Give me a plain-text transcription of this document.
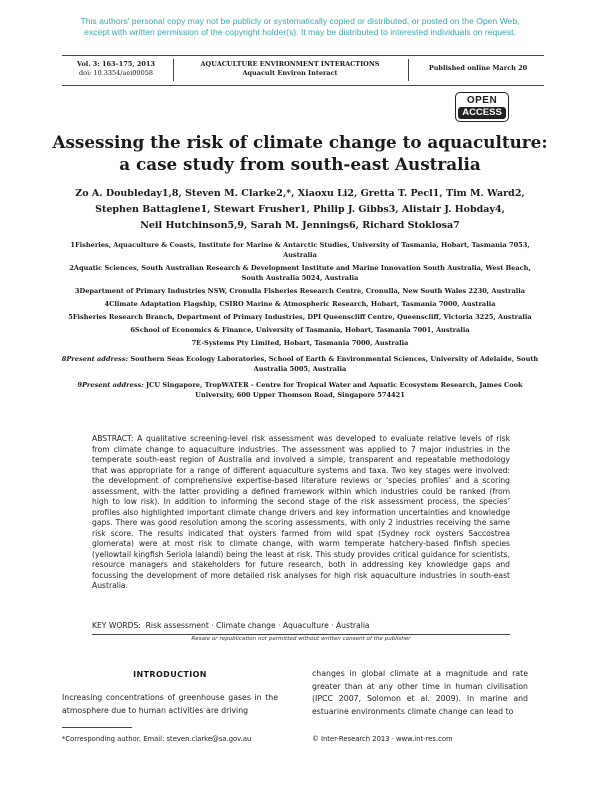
This authors' personal copy may not be publicly or systematically copied or distributed, or posted on the Open Web,
except with written permission of the copyright holder(s). It may be distributed to interested individuals on request.
Vol. 3: 163–175, 2013
doi: 10.3354/aei00058
AQUACULTURE ENVIRONMENT INTERACTIONS
Aquacult Environ Interact
Published online March 20
OPEN
ACCESS
Assessing the risk of climate change to aquaculture:
a case study from south-east Australia
Zo A. Doubleday1,8, Steven M. Clarke2,*, Xiaoxu Li2, Gretta T. Pecl1, Tim M. Ward2,
Stephen Battaglene1, Stewart Frusher1, Philip J. Gibbs3, Alistair J. Hobday4,
Neil Hutchinson5,9, Sarah M. Jennings6, Richard Stoklosa7

1Fisheries, Aquaculture & Coasts, Institute for Marine & Antarctic Studies, University of Tasmania, Hobart, Tasmania 7053, Australia

2Aquatic Sciences, South Australian Research & Development Institute and Marine Innovation South Australia, West Beach, South Australia 5024, Australia

3Department of Primary Industries NSW, Cronulla Fisheries Research Centre, Cronulla, New South Wales 2230, Australia

4Climate Adaptation Flagship, CSIRO Marine & Atmospheric Research, Hobart, Tasmania 7000, Australia

5Fisheries Research Branch, Department of Primary Industries, DPI Queenscliff Centre, Queenscliff, Victoria 3225, Australia

6School of Economics & Finance, University of Tasmania, Hobart, Tasmania 7001, Australia

7E-Systems Pty Limited, Hobart, Tasmania 7000, Australia

8Present address: Southern Seas Ecology Laboratories, School of Earth & Environmental Sciences, University of Adelaide, South Australia 5005, Australia

9Present address: JCU Singapore, TropWATER - Centre for Tropical Water and Aquatic Ecosystem Research, James Cook University, 600 Upper Thomson Road, Singapore 574421

ABSTRACT: A qualitative screening-level risk assessment was developed to evaluate relative levels of risk from climate change to aquaculture industries. The assessment was applied to 7 major industries in the temperate south-east region of Australia and involved a simple, transparent and repeatable methodology that was appropriate for a range of different aquaculture systems and taxa. Two key stages were involved: the development of comprehensive expertise-based literature reviews or ‘species profiles’ and a scoring assessment, with the latter providing a defined framework within which industries could be ranked (from high to low risk). In addition to informing the second stage of the risk assessment process, the species’ profiles also highlighted important climate change drivers and key information uncertainties and knowledge gaps. There was good resolution among the scoring assessments, with only 2 industries receiving the same risk score. The results indicated that oysters farmed from wild spat (Sydney rock oysters Saccostrea glomerata) were at most risk to climate change, with warm temperate hatchery-based finfish species (yellowtail kingfish Seriola lalandi) being the least at risk. This study provides critical guidance for scientists, resource managers and stakeholders for future research, both in addressing key knowledge gaps and focussing the development of more detailed risk analyses for high risk aquaculture industries in south-east Australia.
KEY WORDS: Risk assessment · Climate change · Aquaculture · Australia
Resale or republication not permitted without written consent of the publisher
INTRODUCTION
Increasing concentrations of greenhouse gases in the atmosphere due to human activities are driving
changes in global climate at a magnitude and rate greater than at any other time in human civilisation (IPCC 2007, Solomon et al. 2009). In marine and estuarine environments climate change can lead to
*Corresponding author. Email: steven.clarke@sa.gov.au	© Inter-Research 2013 · www.int-res.com
